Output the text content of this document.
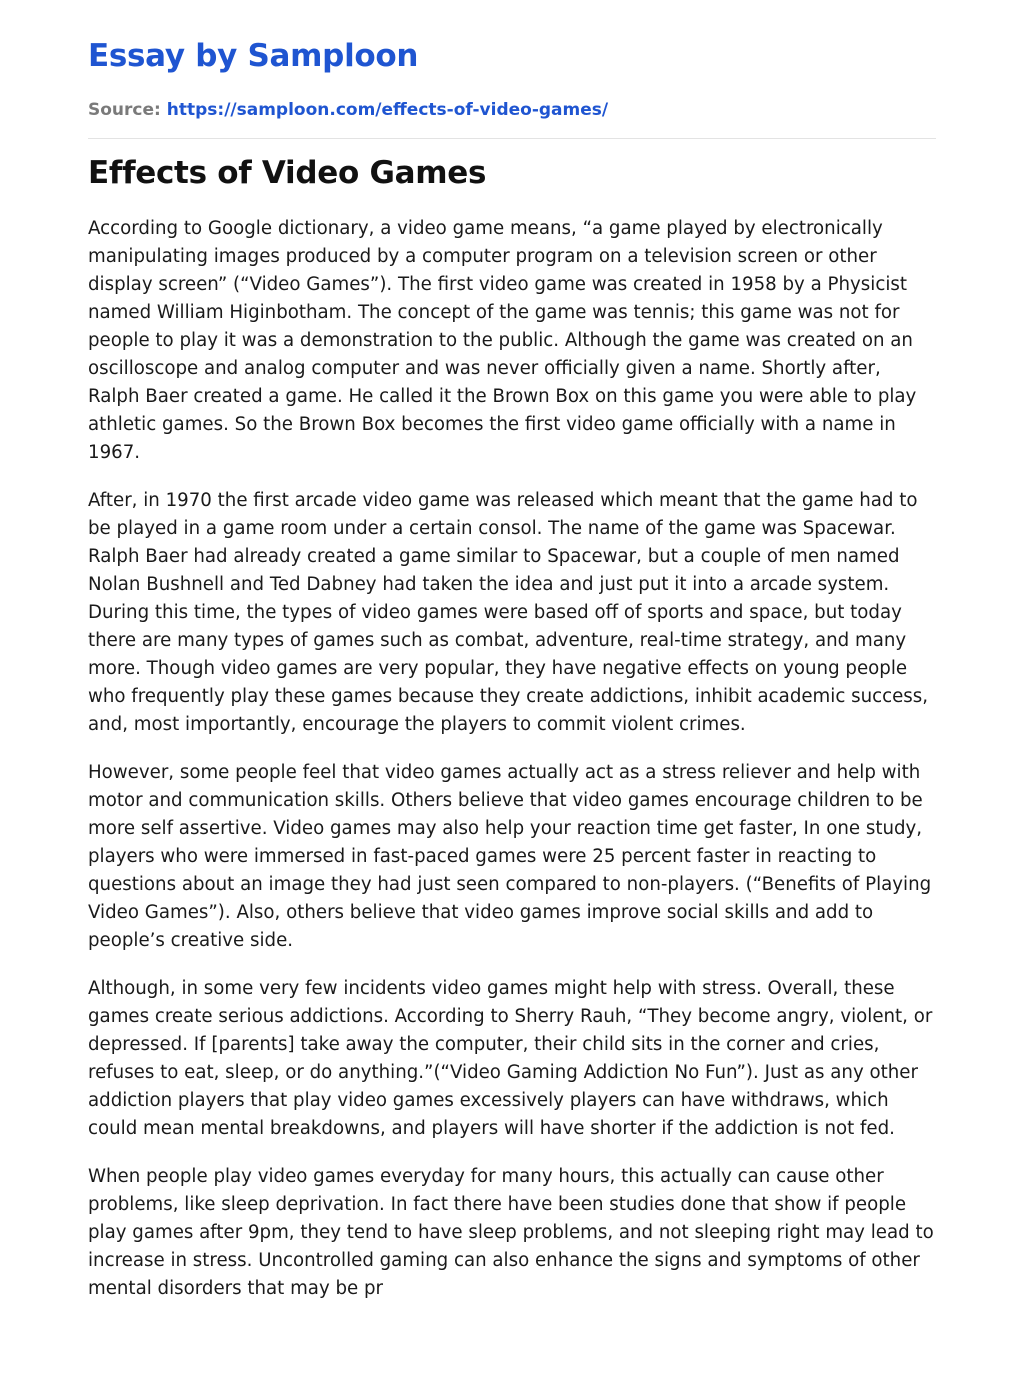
Essay by Samploon
Source: https://samploon.com/effects-of-video-games/
Effects of Video Games

According to Google dictionary, a video game means, “a game played by electronically manipulating images produced by a computer program on a television screen or other display screen” (“Video Games”). The first video game was created in 1958 by a Physicist named William Higinbotham. The concept of the game was tennis; this game was not for people to play it was a demonstration to the public. Although the game was created on an oscilloscope and analog computer and was never officially given a name. Shortly after, Ralph Baer created a game. He called it the Brown Box on this game you were able to play athletic games. So the Brown Box becomes the first video game officially with a name in 1967.

After, in 1970 the first arcade video game was released which meant that the game had to be played in a game room under a certain consol. The name of the game was Spacewar. Ralph Baer had already created a game similar to Spacewar, but a couple of men named Nolan Bushnell and Ted Dabney had taken the idea and just put it into a arcade system. During this time, the types of video games were based off of sports and space, but today there are many types of games such as combat, adventure, real-time strategy, and many more. Though video games are very popular, they have negative effects on young people who frequently play these games because they create addictions, inhibit academic success, and, most importantly, encourage the players to commit violent crimes.

However, some people feel that video games actually act as a stress reliever and help with motor and communication skills. Others believe that video games encourage children to be more self assertive. Video games may also help your reaction time get faster, In one study, players who were immersed in fast-paced games were 25 percent faster in reacting to questions about an image they had just seen compared to non-players. (“Benefits of Playing Video Games”). Also, others believe that video games improve social skills and add to people’s creative side.

Although, in some very few incidents video games might help with stress. Overall, these games create serious addictions. According to Sherry Rauh, “They become angry, violent, or depressed. If [parents] take away the computer, their child sits in the corner and cries, refuses to eat, sleep, or do anything.”(“Video Gaming Addiction No Fun”). Just as any other addiction players that play video games excessively players can have withdraws, which could mean mental breakdowns, and players will have shorter if the addiction is not fed.

When people play video games everyday for many hours, this actually can cause other problems, like sleep deprivation. In fact there have been studies done that show if people play games after 9pm, they tend to have sleep problems, and not sleeping right may lead to increase in stress. Uncontrolled gaming can also enhance the signs and symptoms of other mental disorders that may be pr
